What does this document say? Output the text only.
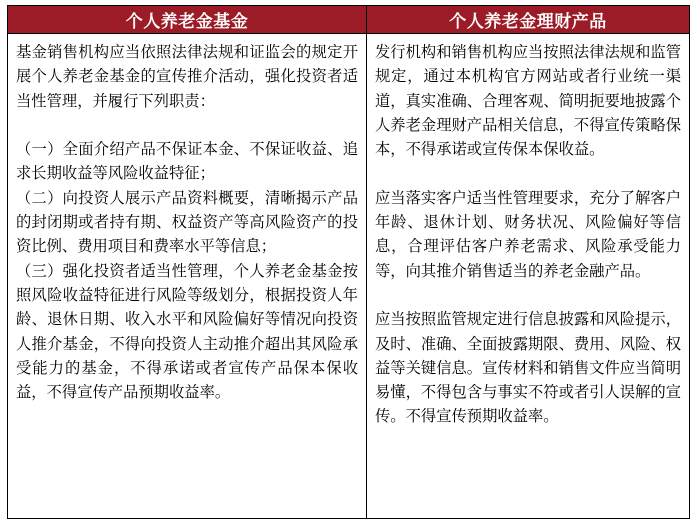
个人养老金基金	个人养老金理财产品

基金销售机构应当依照法律法规和证监会的规定开展个人养老金基金的宣传推介活动，强化投资者适当性管理，并履行下列职责：

（一）全面介绍产品不保证本金、不保证收益、追求长期收益等风险收益特征；

（二）向投资人展示产品资料概要，清晰揭示产品的封闭期或者持有期、权益资产等高风险资产的投资比例、费用项目和费率水平等信息；

（三）强化投资者适当性管理，个人养老金基金按照风险收益特征进行风险等级划分，根据投资人年龄、退休日期、收入水平和风险偏好等情况向投资人推介基金，不得向投资人主动推介超出其风险承受能力的基金，不得承诺或者宣传产品保本保收益，不得宣传产品预期收益率。

发行机构和销售机构应当按照法律法规和监管规定，通过本机构官方网站或者行业统一渠道，真实准确、合理客观、简明扼要地披露个人养老金理财产品相关信息，不得宣传策略保本，不得承诺或宣传保本保收益。

应当落实客户适当性管理要求，充分了解客户年龄、退休计划、财务状况、风险偏好等信息，合理评估客户养老需求、风险承受能力等，向其推介销售适当的养老金融产品。

应当按照监管规定进行信息披露和风险提示，及时、准确、全面披露期限、费用、风险、权益等关键信息。宣传材料和销售文件应当简明易懂，不得包含与事实不符或者引人误解的宣传。不得宣传预期收益率。
